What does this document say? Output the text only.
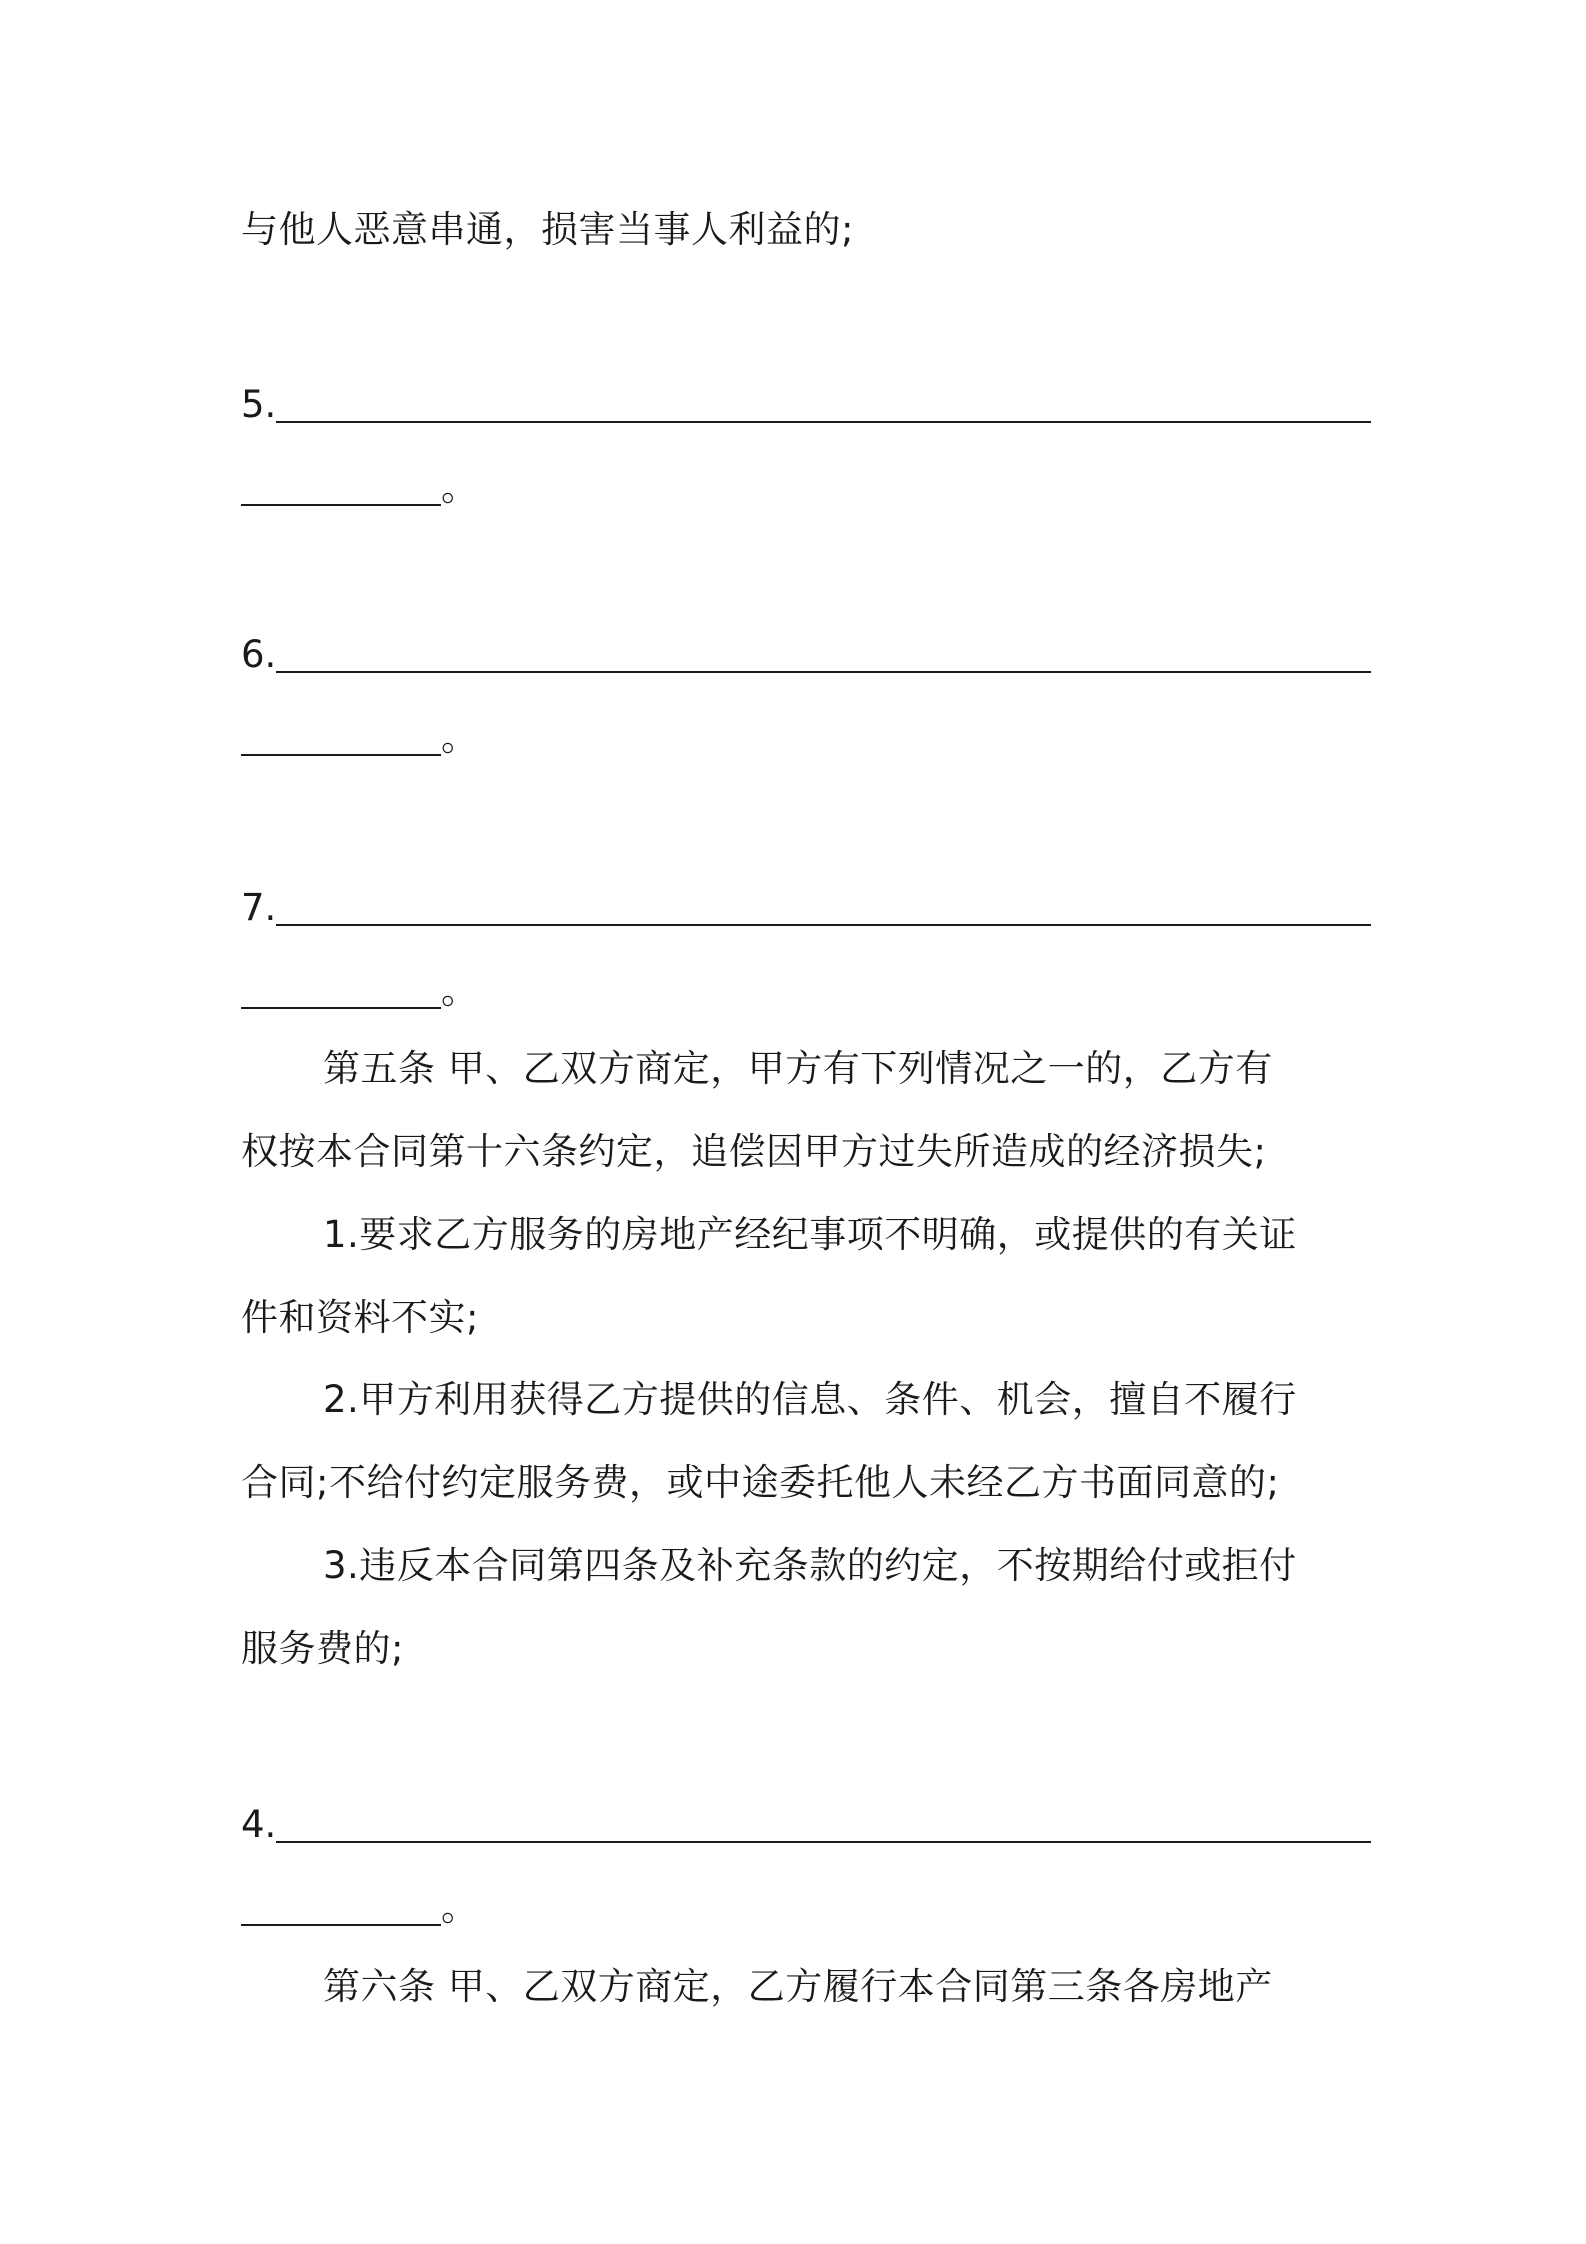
与他人恶意串通，损害当事人利益的;
5.
。
6.
。
7.
。
第五条 甲、乙双方商定，甲方有下列情况之一的，乙方有
权按本合同第十六条约定，追偿因甲方过失所造成的经济损失;
1.要求乙方服务的房地产经纪事项不明确，或提供的有关证
件和资料不实;
2.甲方利用获得乙方提供的信息、条件、机会，擅自不履行
合同;不给付约定服务费，或中途委托他人未经乙方书面同意的;
3.违反本合同第四条及补充条款的约定，不按期给付或拒付
服务费的;
4.
。
第六条 甲、乙双方商定，乙方履行本合同第三条各房地产
